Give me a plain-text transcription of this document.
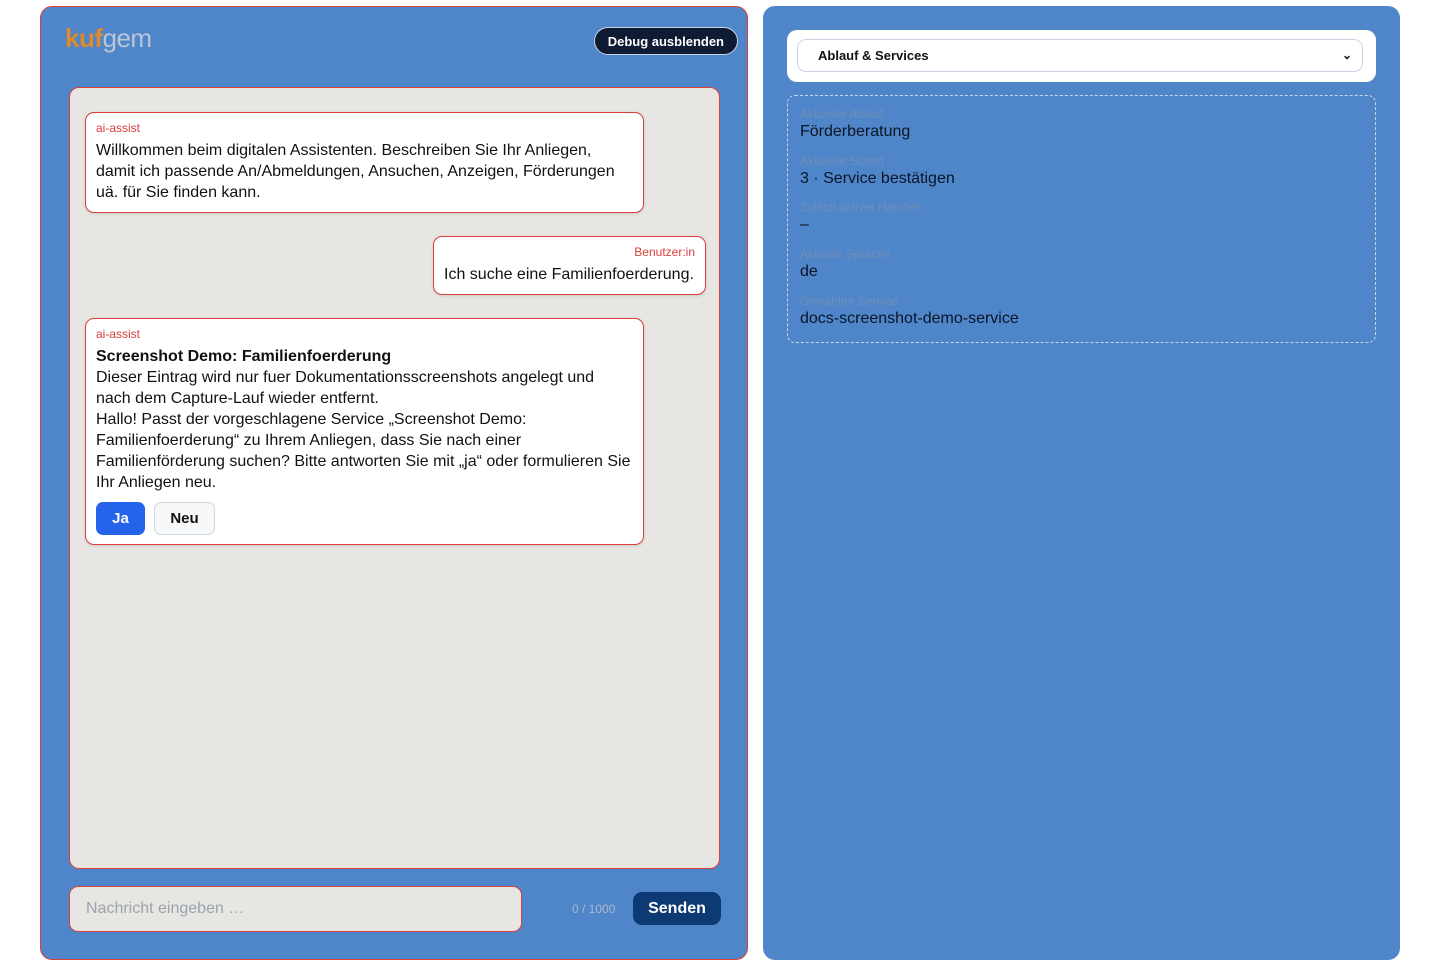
kufgem	Debug ausblenden
ai-assist
Willkommen beim digitalen Assistenten. Beschreiben Sie Ihr Anliegen, damit ich passende An/Abmeldungen, Ansuchen, Anzeigen, Förderungen uä. für Sie finden kann.
Benutzer:in
Ich suche eine Familienfoerderung.
ai-assist
Screenshot Demo: Familienfoerderung
Dieser Eintrag wird nur fuer Dokumentationsscreenshots angelegt und nach dem Capture-Lauf wieder entfernt.
Hallo! Passt der vorgeschlagene Service „Screenshot Demo: Familienfoerderung“ zu Ihrem Anliegen, dass Sie nach einer Familienförderung suchen? Bitte antworten Sie mit „ja“ oder formulieren Sie Ihr Anliegen neu.
Ja	Neu
Nachricht eingeben …
0 / 1000	Senden
Ablauf & Services	⌄
Aktueller Ablauf
Förderberatung
Aktueller Schritt
3 · Service bestätigen
Zuletzt aktiver Handler
–
Aktuelle Sprache
de
Gewählter Service
docs-screenshot-demo-service
